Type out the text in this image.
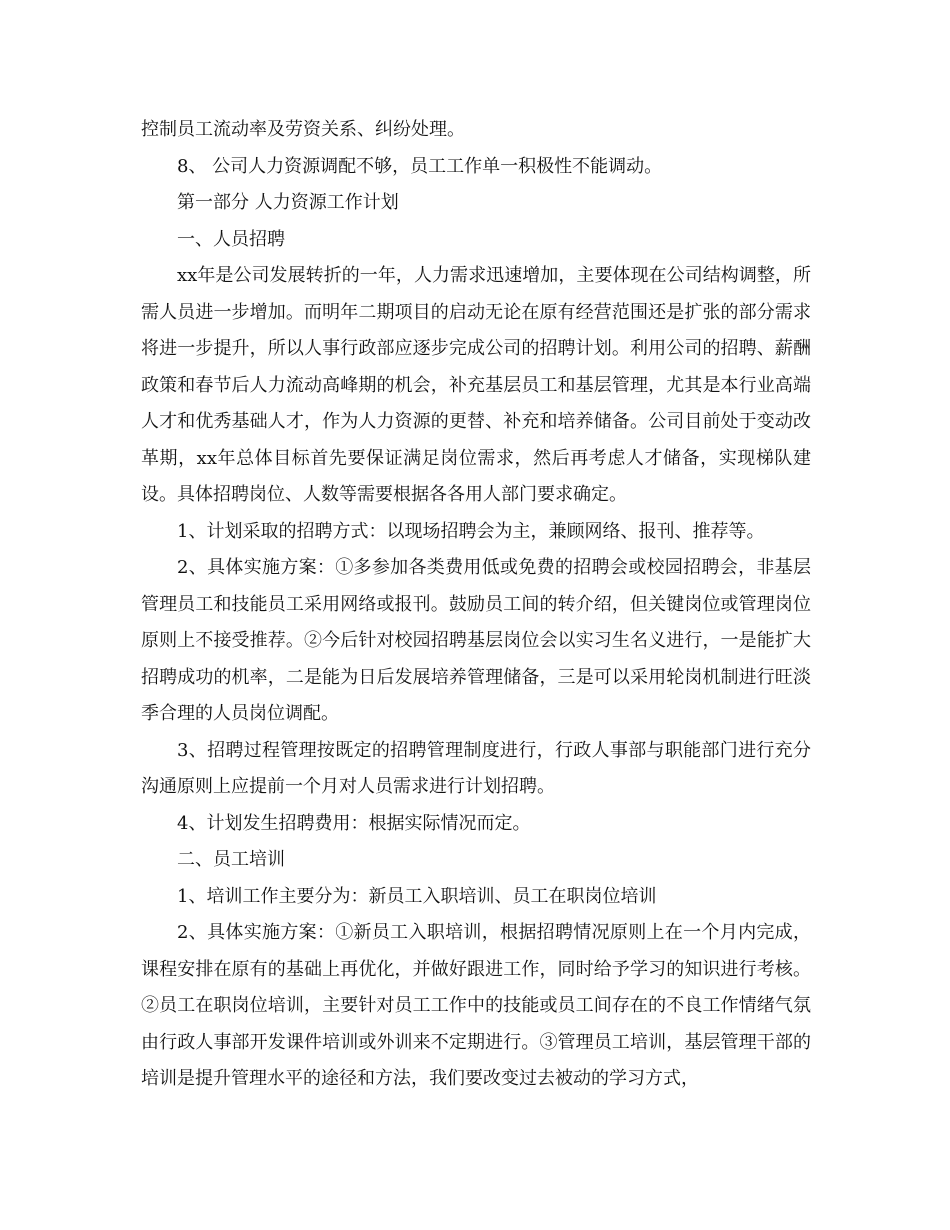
控制员工流动率及劳资关系、纠纷处理。

8、 公司人力资源调配不够，员工工作单一积极性不能调动。

第一部分 人力资源工作计划

一、人员招聘

xx年是公司发展转折的一年，人力需求迅速增加，主要体现在公司结构调整，所需人员进一步增加。而明年二期项目的启动无论在原有经营范围还是扩张的部分需求将进一步提升，所以人事行政部应逐步完成公司的招聘计划。利用公司的招聘、薪酬政策和春节后人力流动高峰期的机会，补充基层员工和基层管理，尤其是本行业高端人才和优秀基础人才，作为人力资源的更替、补充和培养储备。公司目前处于变动改革期，xx年总体目标首先要保证满足岗位需求，然后再考虑人才储备，实现梯队建设。具体招聘岗位、人数等需要根据各各用人部门要求确定。

1、计划采取的招聘方式：以现场招聘会为主，兼顾网络、报刊、推荐等。

2、具体实施方案：①多参加各类费用低或免费的招聘会或校园招聘会，非基层管理员工和技能员工采用网络或报刊。鼓励员工间的转介绍，但关键岗位或管理岗位原则上不接受推荐。②今后针对校园招聘基层岗位会以实习生名义进行，一是能扩大招聘成功的机率，二是能为日后发展培养管理储备，三是可以采用轮岗机制进行旺淡季合理的人员岗位调配。

3、招聘过程管理按既定的招聘管理制度进行，行政人事部与职能部门进行充分沟通原则上应提前一个月对人员需求进行计划招聘。

4、计划发生招聘费用：根据实际情况而定。

二、员工培训

1、培训工作主要分为：新员工入职培训、员工在职岗位培训

2、具体实施方案：①新员工入职培训，根据招聘情况原则上在一个月内完成，课程安排在原有的基础上再优化，并做好跟进工作，同时给予学习的知识进行考核。②员工在职岗位培训，主要针对员工工作中的技能或员工间存在的不良工作情绪气氛由行政人事部开发课件培训或外训来不定期进行。③管理员工培训，基层管理干部的培训是提升管理水平的途径和方法，我们要改变过去被动的学习方式，
